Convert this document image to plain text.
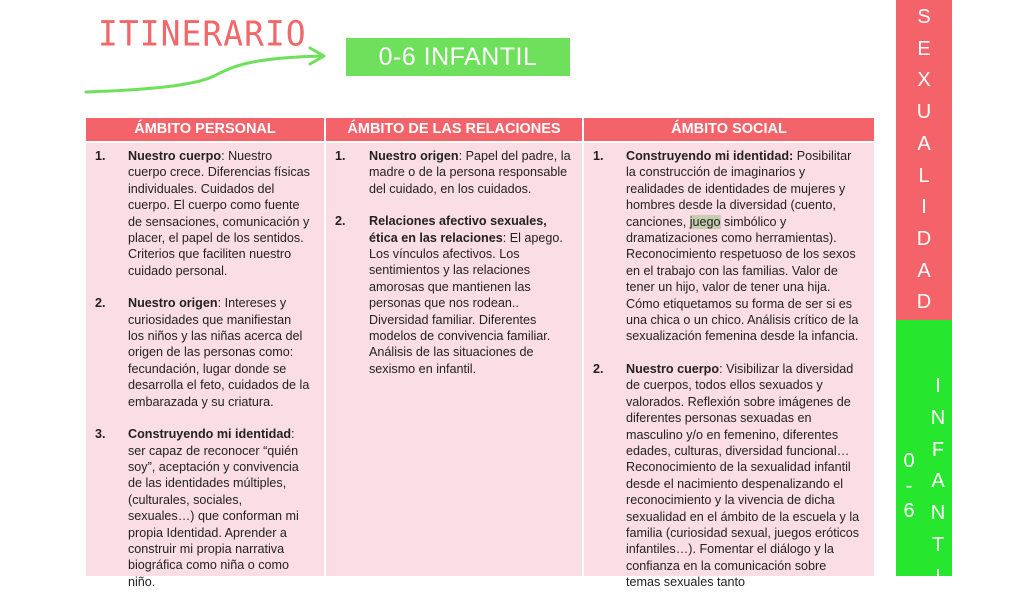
ITINERARIO
0-6 INFANTIL
ÁMBITO PERSONAL
1.	Nuestro cuerpo: Nuestro cuerpo crece. Diferencias físicas individuales. Cuidados del cuerpo. El cuerpo como fuente de sensaciones, comunicación y placer, el papel de los sentidos. Criterios que faciliten nuestro cuidado personal.
2.	Nuestro origen: Intereses y curiosidades que manifiestan los niños y las niñas acerca del origen de las personas como: fecundación, lugar donde se desarrolla el feto, cuidados de la embarazada y su criatura.
3.	Construyendo mi identidad: ser capaz de reconocer “quién soy”, aceptación y convivencia de las identidades múltiples, (culturales, sociales, sexuales…) que conforman mi propia Identidad. Aprender a construir mi propia narrativa biográfica como niña o como niño.
ÁMBITO DE LAS RELACIONES
1.	Nuestro origen: Papel del padre, la madre o de la persona responsable del cuidado, en los cuidados.
2.	Relaciones afectivo sexuales, ética en las relaciones: El apego. Los vínculos afectivos. Los sentimientos y las relaciones amorosas que mantienen las personas que nos rodean.. Diversidad familiar. Diferentes modelos de convivencia familiar. Análisis de las situaciones de sexismo en infantil.
ÁMBITO SOCIAL
1.	Construyendo mi identidad: Posibilitar la construcción de imaginarios y realidades de identidades de mujeres y hombres desde la diversidad (cuento, canciones, juego simbólico y dramatizaciones como herramientas). Reconocimiento respetuoso de los sexos en el trabajo con las familias. Valor de tener un hijo, valor de tener una hija. Cómo etiquetamos su forma de ser si es una chica o un chico. Análisis crítico de la sexualización femenina desde la infancia.
2.	Nuestro cuerpo: Visibilizar la diversidad de cuerpos, todos ellos sexuados y valorados. Reflexión sobre imágenes de diferentes personas sexuadas en masculino y/o en femenino, diferentes edades, culturas, diversidad funcional… Reconocimiento de la sexualidad infantil desde el nacimiento despenalizando el reconocimiento y la vivencia de dicha sexualidad en el ámbito de la escuela y la familia (curiosidad sexual, juegos eróticos infantiles…). Fomentar el diálogo y la confianza en la comunicación sobre temas sexuales tanto
S
E
X
U
A
L
I
D
A
D
I
N
F
A
N
T
I
0
-
6
